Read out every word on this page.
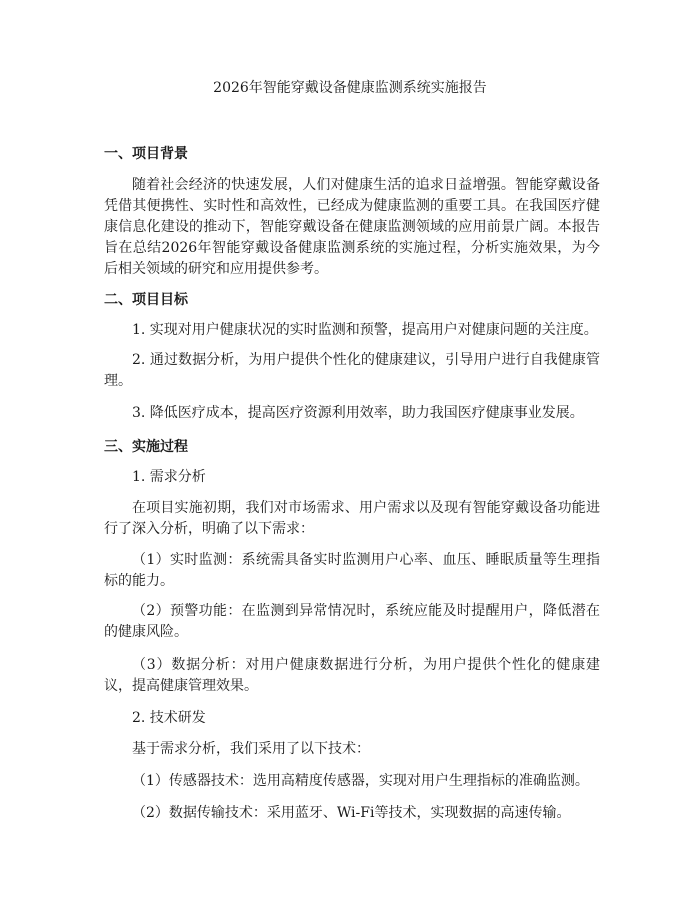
2026年智能穿戴设备健康监测系统实施报告
一、项目背景
随着社会经济的快速发展，人们对健康生活的追求日益增强。智能穿戴设备凭借其便携性、实时性和高效性，已经成为健康监测的重要工具。在我国医疗健康信息化建设的推动下，智能穿戴设备在健康监测领域的应用前景广阔。本报告旨在总结2026年智能穿戴设备健康监测系统的实施过程，分析实施效果，为今后相关领域的研究和应用提供参考。
二、项目目标
1. 实现对用户健康状况的实时监测和预警，提高用户对健康问题的关注度。
2. 通过数据分析，为用户提供个性化的健康建议，引导用户进行自我健康管理。
3. 降低医疗成本，提高医疗资源利用效率，助力我国医疗健康事业发展。
三、实施过程
1. 需求分析
在项目实施初期，我们对市场需求、用户需求以及现有智能穿戴设备功能进行了深入分析，明确了以下需求：
（1）实时监测：系统需具备实时监测用户心率、血压、睡眠质量等生理指标的能力。
（2）预警功能：在监测到异常情况时，系统应能及时提醒用户，降低潜在的健康风险。
（3）数据分析：对用户健康数据进行分析，为用户提供个性化的健康建议，提高健康管理效果。
2. 技术研发
基于需求分析，我们采用了以下技术：
（1）传感器技术：选用高精度传感器，实现对用户生理指标的准确监测。
（2）数据传输技术：采用蓝牙、Wi-Fi等技术，实现数据的高速传输。
